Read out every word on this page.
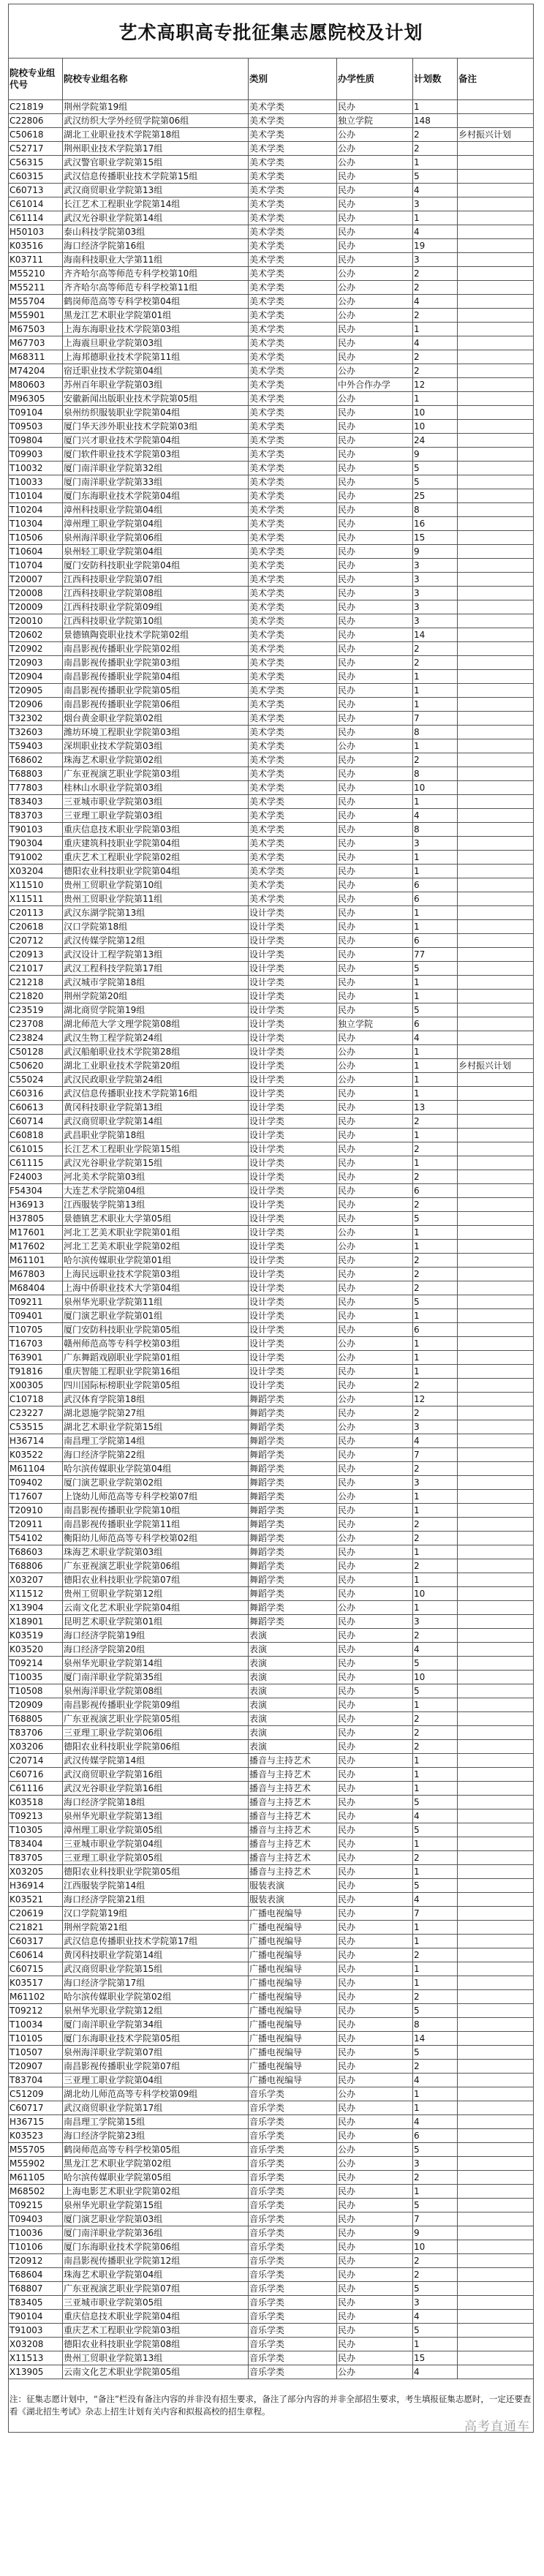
艺术高职高专批征集志愿院校及计划					
院校专业组代号	院校专业组名称	类别	办学性质	计划数	备注
C21819	荆州学院第19组	美术学类	民办	1	
C22806	武汉纺织大学外经贸学院第06组	美术学类	独立学院	148	
C50618	湖北工业职业技术学院第18组	美术学类	公办	2	乡村振兴计划
C52717	荆州职业技术学院第17组	美术学类	公办	2	
C56315	武汉警官职业学院第15组	美术学类	公办	1	
C60315	武汉信息传播职业技术学院第15组	美术学类	民办	5	
C60713	武汉商贸职业学院第13组	美术学类	民办	4	
C61014	长江艺术工程职业学院第14组	美术学类	民办	3	
C61114	武汉光谷职业学院第14组	美术学类	民办	1	
H50103	泰山科技学院第03组	美术学类	民办	4	
K03516	海口经济学院第16组	美术学类	民办	19	
K03711	海南科技职业大学第11组	美术学类	民办	3	
M55210	齐齐哈尔高等师范专科学校第10组	美术学类	公办	2	
M55211	齐齐哈尔高等师范专科学校第11组	美术学类	公办	2	
M55704	鹤岗师范高等专科学校第04组	美术学类	公办	4	
M55901	黑龙江艺术职业学院第01组	美术学类	公办	2	
M67503	上海东海职业技术学院第03组	美术学类	民办	1	
M67703	上海震旦职业学院第03组	美术学类	民办	4	
M68311	上海邦德职业技术学院第11组	美术学类	民办	2	
M74204	宿迁职业技术学院第04组	美术学类	公办	2	
M80603	苏州百年职业学院第03组	美术学类	中外合作办学	12	
M96305	安徽新闻出版职业技术学院第05组	美术学类	公办	1	
T09104	泉州纺织服装职业学院第04组	美术学类	民办	10	
T09503	厦门华天涉外职业技术学院第03组	美术学类	民办	10	
T09804	厦门兴才职业技术学院第04组	美术学类	民办	24	
T09903	厦门软件职业技术学院第03组	美术学类	民办	9	
T10032	厦门南洋职业学院第32组	美术学类	民办	5	
T10033	厦门南洋职业学院第33组	美术学类	民办	5	
T10104	厦门东海职业技术学院第04组	美术学类	民办	25	
T10204	漳州科技职业学院第04组	美术学类	民办	8	
T10304	漳州理工职业学院第04组	美术学类	民办	16	
T10506	泉州海洋职业学院第06组	美术学类	民办	15	
T10604	泉州轻工职业学院第04组	美术学类	民办	9	
T10704	厦门安防科技职业学院第04组	美术学类	民办	3	
T20007	江西科技职业学院第07组	美术学类	民办	3	
T20008	江西科技职业学院第08组	美术学类	民办	3	
T20009	江西科技职业学院第09组	美术学类	民办	3	
T20010	江西科技职业学院第10组	美术学类	民办	3	
T20602	景德镇陶瓷职业技术学院第02组	美术学类	民办	14	
T20902	南昌影视传播职业学院第02组	美术学类	民办	2	
T20903	南昌影视传播职业学院第03组	美术学类	民办	2	
T20904	南昌影视传播职业学院第04组	美术学类	民办	1	
T20905	南昌影视传播职业学院第05组	美术学类	民办	1	
T20906	南昌影视传播职业学院第06组	美术学类	民办	1	
T32302	烟台黄金职业学院第02组	美术学类	民办	7	
T32603	潍坊环境工程职业学院第03组	美术学类	民办	8	
T59403	深圳职业技术学院第03组	美术学类	公办	1	
T68602	珠海艺术职业学院第02组	美术学类	民办	2	
T68803	广东亚视演艺职业学院第03组	美术学类	民办	8	
T77803	桂林山水职业学院第03组	美术学类	民办	10	
T83403	三亚城市职业学院第03组	美术学类	民办	1	
T83703	三亚理工职业学院第03组	美术学类	民办	4	
T90103	重庆信息技术职业学院第03组	美术学类	民办	8	
T90304	重庆建筑科技职业学院第04组	美术学类	民办	3	
T91002	重庆艺术工程职业学院第02组	美术学类	民办	1	
X03204	德阳农业科技职业学院第04组	美术学类	民办	1	
X11510	贵州工贸职业学院第10组	美术学类	民办	6	
X11511	贵州工贸职业学院第11组	美术学类	民办	6	
C20113	武汉东湖学院第13组	设计学类	民办	1	
C20618	汉口学院第18组	设计学类	民办	1	
C20712	武汉传媒学院第12组	设计学类	民办	6	
C20913	武汉设计工程学院第13组	设计学类	民办	77	
C21017	武汉工程科技学院第17组	设计学类	民办	5	
C21218	武汉城市学院第18组	设计学类	民办	1	
C21820	荆州学院第20组	设计学类	民办	1	
C23519	湖北商贸学院第19组	设计学类	民办	5	
C23708	湖北师范大学文理学院第08组	设计学类	独立学院	6	
C23824	武汉生物工程学院第24组	设计学类	民办	4	
C50128	武汉船舶职业技术学院第28组	设计学类	公办	1	
C50620	湖北工业职业技术学院第20组	设计学类	公办	1	乡村振兴计划
C55024	武汉民政职业学院第24组	设计学类	公办	1	
C60316	武汉信息传播职业技术学院第16组	设计学类	民办	1	
C60613	黄冈科技职业学院第13组	设计学类	民办	13	
C60714	武汉商贸职业学院第14组	设计学类	民办	2	
C60818	武昌职业学院第18组	设计学类	民办	1	
C61015	长江艺术工程职业学院第15组	设计学类	民办	2	
C61115	武汉光谷职业学院第15组	设计学类	民办	1	
F24003	河北美术学院第03组	设计学类	民办	2	
F54304	大连艺术学院第04组	设计学类	民办	6	
H36913	江西服装学院第13组	设计学类	民办	2	
H37805	景德镇艺术职业大学第05组	设计学类	民办	5	
M17601	河北工艺美术职业学院第01组	设计学类	公办	1	
M17602	河北工艺美术职业学院第02组	设计学类	公办	1	
M61101	哈尔滨传媒职业学院第01组	设计学类	民办	2	
M67803	上海民远职业技术学院第03组	设计学类	民办	2	
M68404	上海中侨职业技术大学第04组	设计学类	民办	2	
T09211	泉州华光职业学院第11组	设计学类	民办	5	
T09401	厦门演艺职业学院第01组	设计学类	民办	1	
T10705	厦门安防科技职业学院第05组	设计学类	民办	6	
T16703	赣州师范高等专科学校第03组	设计学类	公办	1	
T63901	广东舞蹈戏剧职业学院第01组	设计学类	公办	1	
T91816	重庆智能工程职业学院第16组	设计学类	民办	1	
X00305	四川国际标榜职业学院第05组	设计学类	民办	2	
C10718	武汉体育学院第18组	舞蹈学类	公办	12	
C23227	湖北恩施学院第27组	舞蹈学类	民办	2	
C53515	湖北艺术职业学院第15组	舞蹈学类	公办	3	
H36714	南昌理工学院第14组	舞蹈学类	民办	4	
K03522	海口经济学院第22组	舞蹈学类	民办	7	
M61104	哈尔滨传媒职业学院第04组	舞蹈学类	民办	2	
T09402	厦门演艺职业学院第02组	舞蹈学类	民办	3	
T17607	上饶幼儿师范高等专科学校第07组	舞蹈学类	公办	1	
T20910	南昌影视传播职业学院第10组	舞蹈学类	民办	1	
T20911	南昌影视传播职业学院第11组	舞蹈学类	民办	2	
T54102	衡阳幼儿师范高等专科学校第02组	舞蹈学类	公办	2	
T68603	珠海艺术职业学院第03组	舞蹈学类	民办	1	
T68806	广东亚视演艺职业学院第06组	舞蹈学类	民办	2	
X03207	德阳农业科技职业学院第07组	舞蹈学类	民办	1	
X11512	贵州工贸职业学院第12组	舞蹈学类	民办	10	
X13904	云南文化艺术职业学院第04组	舞蹈学类	公办	1	
X18901	昆明艺术职业学院第01组	舞蹈学类	民办	3	
K03519	海口经济学院第19组	表演	民办	2	
K03520	海口经济学院第20组	表演	民办	4	
T09214	泉州华光职业学院第14组	表演	民办	5	
T10035	厦门南洋职业学院第35组	表演	民办	10	
T10508	泉州海洋职业学院第08组	表演	民办	5	
T20909	南昌影视传播职业学院第09组	表演	民办	1	
T68805	广东亚视演艺职业学院第05组	表演	民办	2	
T83706	三亚理工职业学院第06组	表演	民办	2	
X03206	德阳农业科技职业学院第06组	表演	民办	2	
C20714	武汉传媒学院第14组	播音与主持艺术	民办	1	
C60716	武汉商贸职业学院第16组	播音与主持艺术	民办	1	
C61116	武汉光谷职业学院第16组	播音与主持艺术	民办	1	
K03518	海口经济学院第18组	播音与主持艺术	民办	5	
T09213	泉州华光职业学院第13组	播音与主持艺术	民办	4	
T10305	漳州理工职业学院第05组	播音与主持艺术	民办	5	
T83404	三亚城市职业学院第04组	播音与主持艺术	民办	1	
T83705	三亚理工职业学院第05组	播音与主持艺术	民办	2	
X03205	德阳农业科技职业学院第05组	播音与主持艺术	民办	1	
H36914	江西服装学院第14组	服装表演	民办	5	
K03521	海口经济学院第21组	服装表演	民办	4	
C20619	汉口学院第19组	广播电视编导	民办	7	
C21821	荆州学院第21组	广播电视编导	民办	1	
C60317	武汉信息传播职业技术学院第17组	广播电视编导	民办	1	
C60614	黄冈科技职业学院第14组	广播电视编导	民办	2	
C60715	武汉商贸职业学院第15组	广播电视编导	民办	1	
K03517	海口经济学院第17组	广播电视编导	民办	1	
M61102	哈尔滨传媒职业学院第02组	广播电视编导	民办	2	
T09212	泉州华光职业学院第12组	广播电视编导	民办	5	
T10034	厦门南洋职业学院第34组	广播电视编导	民办	8	
T10105	厦门东海职业技术学院第05组	广播电视编导	民办	14	
T10507	泉州海洋职业学院第07组	广播电视编导	民办	5	
T20907	南昌影视传播职业学院第07组	广播电视编导	民办	2	
T83704	三亚理工职业学院第04组	广播电视编导	民办	4	
C51209	湖北幼儿师范高等专科学校第09组	音乐学类	公办	1	
C60717	武汉商贸职业学院第17组	音乐学类	民办	1	
H36715	南昌理工学院第15组	音乐学类	民办	4	
K03523	海口经济学院第23组	音乐学类	民办	6	
M55705	鹤岗师范高等专科学校第05组	音乐学类	公办	5	
M55902	黑龙江艺术职业学院第02组	音乐学类	公办	3	
M61105	哈尔滨传媒职业学院第05组	音乐学类	民办	2	
M68502	上海电影艺术职业学院第02组	音乐学类	民办	1	
T09215	泉州华光职业学院第15组	音乐学类	民办	5	
T09403	厦门演艺职业学院第03组	音乐学类	民办	7	
T10036	厦门南洋职业学院第36组	音乐学类	民办	9	
T10106	厦门东海职业技术学院第06组	音乐学类	民办	10	
T20912	南昌影视传播职业学院第12组	音乐学类	民办	2	
T68604	珠海艺术职业学院第04组	音乐学类	民办	2	
T68807	广东亚视演艺职业学院第07组	音乐学类	民办	5	
T83405	三亚城市职业学院第05组	音乐学类	民办	3	
T90104	重庆信息技术职业学院第04组	音乐学类	民办	4	
T91003	重庆艺术工程职业学院第03组	音乐学类	民办	5	
X03208	德阳农业科技职业学院第08组	音乐学类	民办	1	
X11513	贵州工贸职业学院第13组	音乐学类	民办	15	
X13905	云南文化艺术职业学院第05组	音乐学类	公办	4	
注：征集志愿计划中，“备注”栏没有备注内容的并非没有招生要求，备注了部分内容的并非全部招生要求，考生填报征集志愿时，一定还要查看《湖北招生考试》杂志上招生计划有关内容和拟报高校的招生章程。
高考直通车					
